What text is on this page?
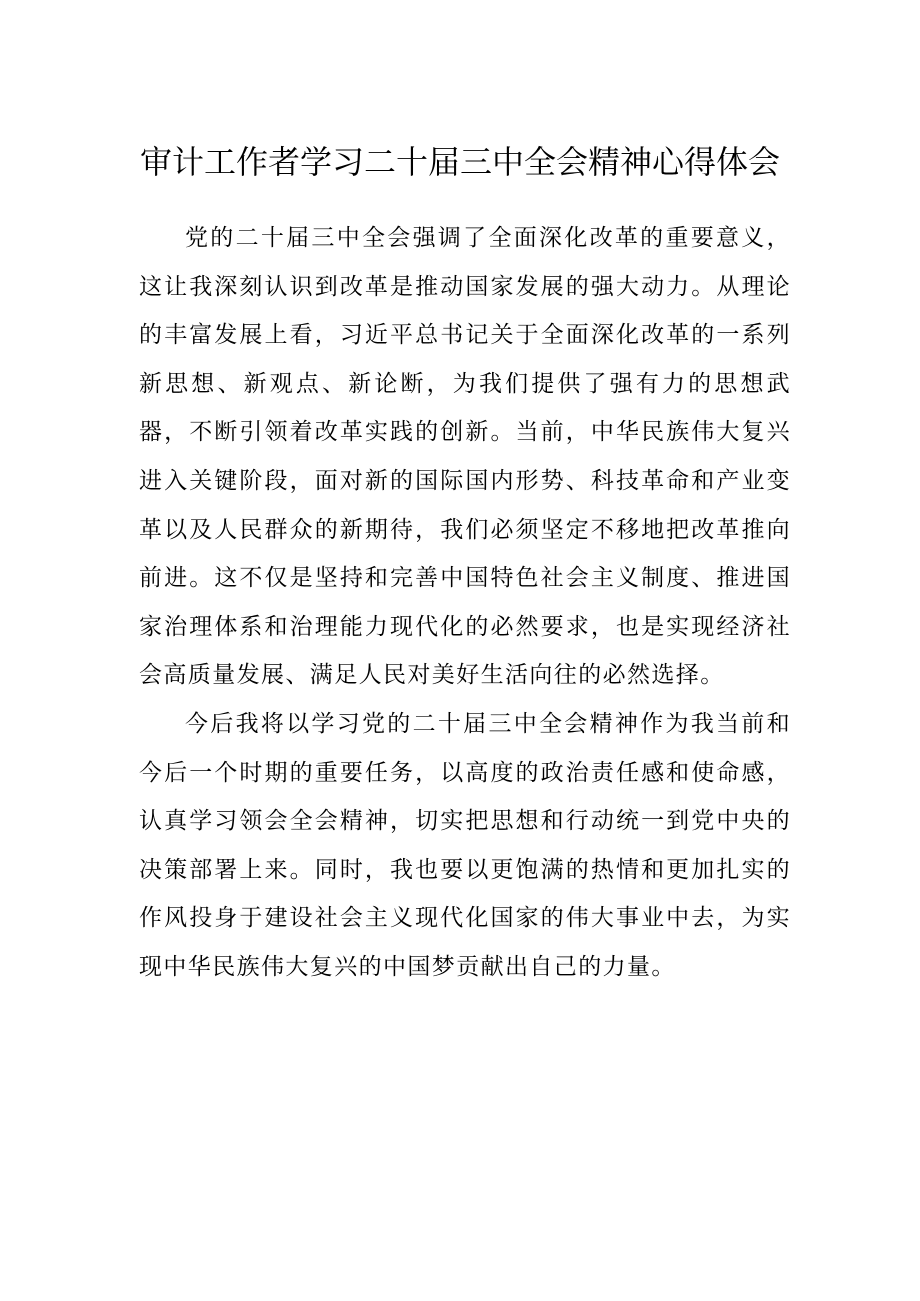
审计工作者学习二十届三中全会精神心得体会

党的二十届三中全会强调了全面深化改革的重要意义，这让我深刻认识到改革是推动国家发展的强大动力。从理论的丰富发展上看，习近平总书记关于全面深化改革的一系列新思想、新观点、新论断，为我们提供了强有力的思想武器，不断引领着改革实践的创新。当前，中华民族伟大复兴进入关键阶段，面对新的国际国内形势、科技革命和产业变革以及人民群众的新期待，我们必须坚定不移地把改革推向前进。这不仅是坚持和完善中国特色社会主义制度、推进国家治理体系和治理能力现代化的必然要求，也是实现经济社会高质量发展、满足人民对美好生活向往的必然选择。

今后我将以学习党的二十届三中全会精神作为我当前和今后一个时期的重要任务，以高度的政治责任感和使命感，认真学习领会全会精神，切实把思想和行动统一到党中央的决策部署上来。同时，我也要以更饱满的热情和更加扎实的作风投身于建设社会主义现代化国家的伟大事业中去，为实现中华民族伟大复兴的中国梦贡献出自己的力量。
